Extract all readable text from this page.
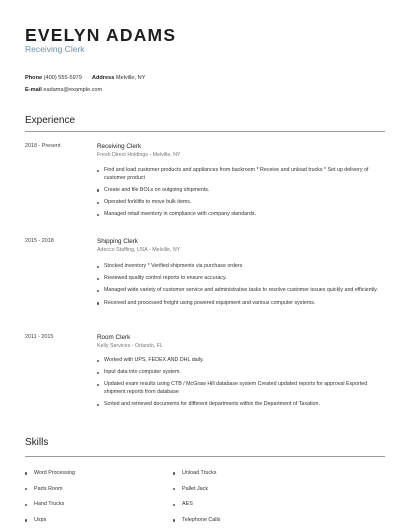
EVELYN ADAMS
Receiving Clerk
Phone (400) 555-5979 Address Melville, NY
E-mail eadams@example.com
Experience
2018 - Present	Receiving Clerk
Fresh Direct Holdings - Melville, NY
Find and load customer products and appliances from backroom * Receive and unload trucks * Set up delivery of customer product
Create and file BOLs on outgoing shipments.
Operated forklifts to move bulk items.
Managed retail inventory in compliance with company standards.
2015 - 2018	Shipping Clerk
Adecco Staffing, USA - Melville, NY
Stocked inventory * Verified shipments via purchase orders
Reviewed quality control reports to ensure accuracy.
Managed wide variety of customer service and administrative tasks to resolve customer issues quickly and efficiently.
Received and processed freight using powered equipment and various computer systems.
2011 - 2015	Room Clerk
Kelly Services - Orlando, FL
Worked with UPS, FEDEX AND DHL daily.
Input data into computer system.
Updated exam results using CTB / McGraw Hill database system Created updated reports for approval Exported shipment reports from database
Sorted and retrieved documents for different departments within the Department of Taxation.
Skills
Word Processing
Parts Room
Hand Trucks
Usps
Unload Trucks
Pallet Jack
AES
Telephone Calls
